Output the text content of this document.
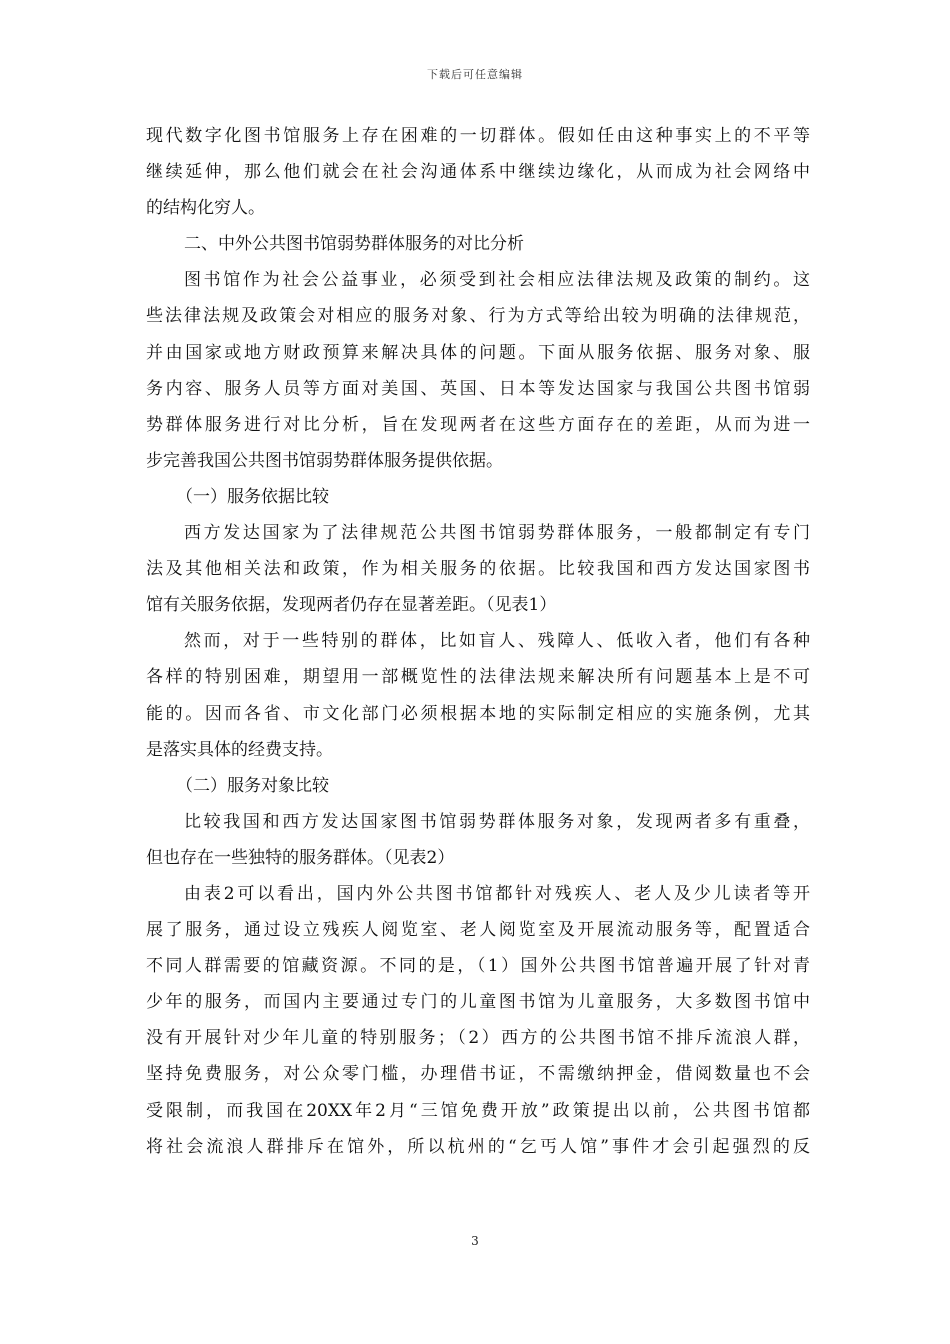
下载后可任意编辑
现代数字化图书馆服务上存在困难的一切群体。假如任由这种事实上的不平等
继续延伸，那么他们就会在社会沟通体系中继续边缘化，从而成为社会网络中
的结构化穷人。
二、中外公共图书馆弱势群体服务的对比分析
图书馆作为社会公益事业，必须受到社会相应法律法规及政策的制约。这
些法律法规及政策会对相应的服务对象、行为方式等给出较为明确的法律规范，
并由国家或地方财政预算来解决具体的问题。下面从服务依据、服务对象、服
务内容、服务人员等方面对美国、英国、日本等发达国家与我国公共图书馆弱
势群体服务进行对比分析，旨在发现两者在这些方面存在的差距，从而为进一
步完善我国公共图书馆弱势群体服务提供依据。
（一）服务依据比较
西方发达国家为了法律规范公共图书馆弱势群体服务，一般都制定有专门
法及其他相关法和政策，作为相关服务的依据。比较我国和西方发达国家图书
馆有关服务依据，发现两者仍存在显著差距。（见表1）
然而，对于一些特别的群体，比如盲人、残障人、低收入者，他们有各种
各样的特别困难，期望用一部概览性的法律法规来解决所有问题基本上是不可
能的。因而各省、市文化部门必须根据本地的实际制定相应的实施条例，尤其
是落实具体的经费支持。
（二）服务对象比较
比较我国和西方发达国家图书馆弱势群体服务对象，发现两者多有重叠，
但也存在一些独特的服务群体。（见表2）
由表2可以看出，国内外公共图书馆都针对残疾人、老人及少儿读者等开
展了服务，通过设立残疾人阅览室、老人阅览室及开展流动服务等，配置适合
不同人群需要的馆藏资源。不同的是，（1）国外公共图书馆普遍开展了针对青
少年的服务，而国内主要通过专门的儿童图书馆为儿童服务，大多数图书馆中
没有开展针对少年儿童的特别服务；（2）西方的公共图书馆不排斥流浪人群，
坚持免费服务，对公众零门槛，办理借书证，不需缴纳押金，借阅数量也不会
受限制，而我国在20XX年2月“三馆免费开放”政策提出以前，公共图书馆都
将社会流浪人群排斥在馆外，所以杭州的“乞丐人馆”事件才会引起强烈的反
3
